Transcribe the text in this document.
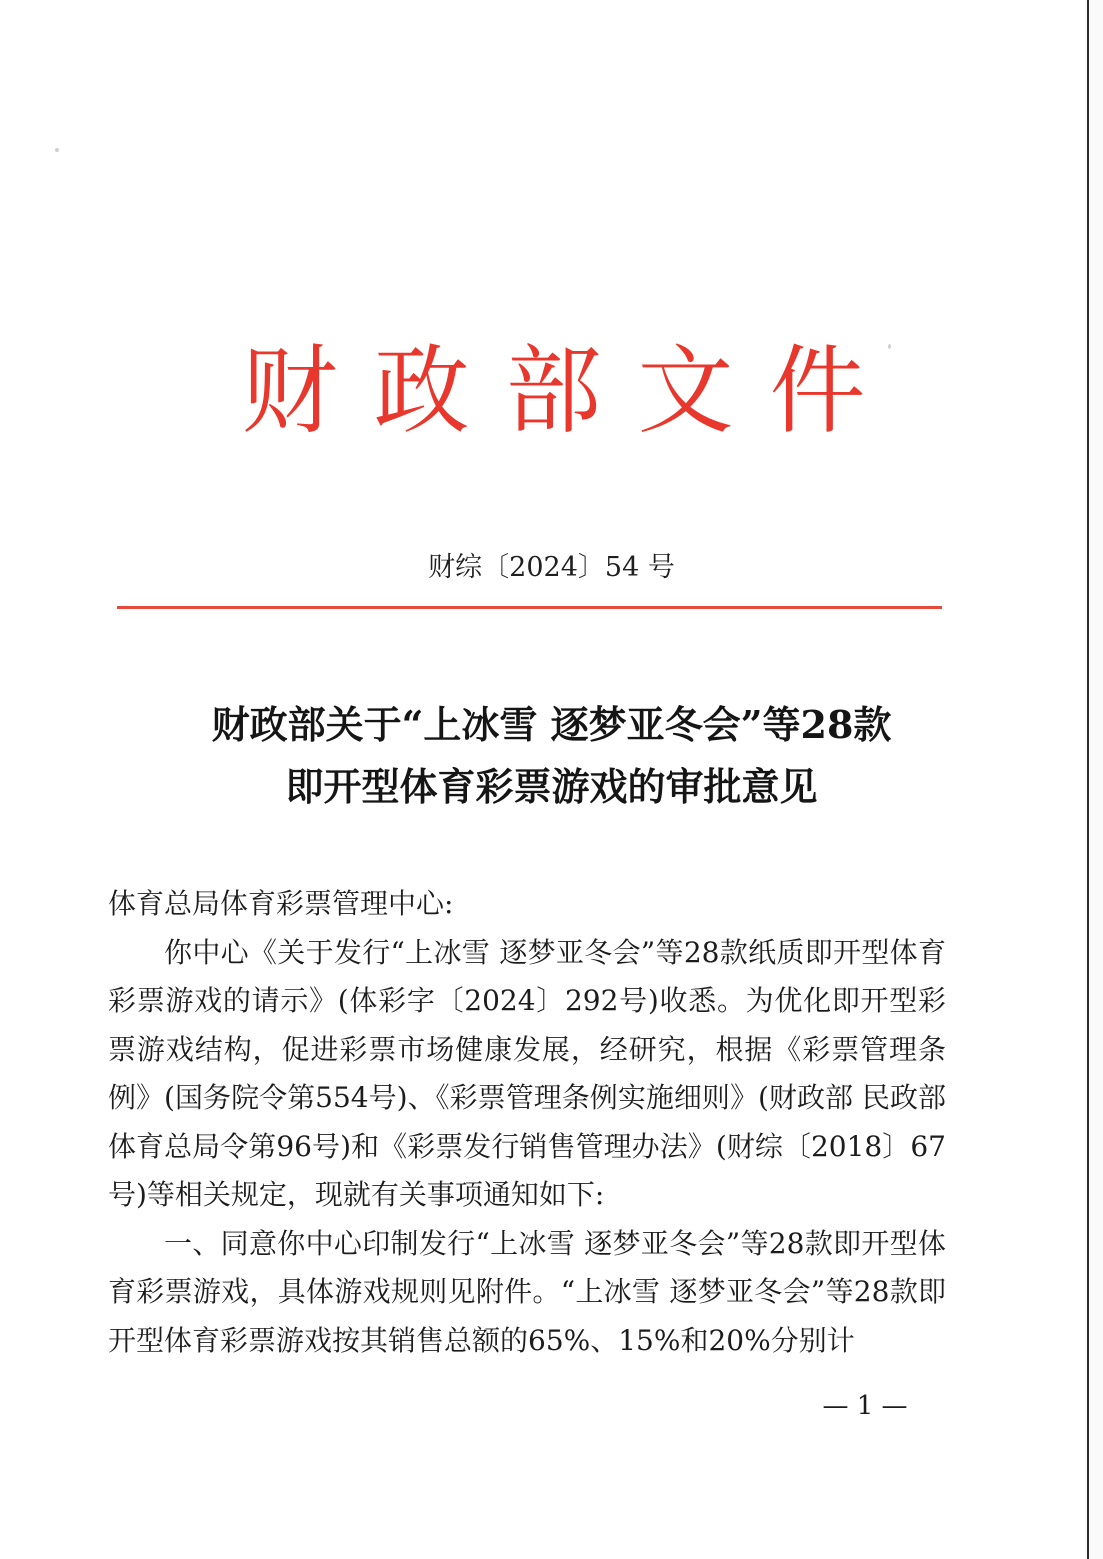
财政部文件
财综〔2024〕54 号
财政部关于“上冰雪 逐梦亚冬会”等28款
即开型体育彩票游戏的审批意见

体育总局体育彩票管理中心:

你中心《关于发行“上冰雪 逐梦亚冬会”等28款纸质即开型体育彩票游戏的请示》(体彩字〔2024〕292号)收悉。为优化即开型彩票游戏结构，促进彩票市场健康发展，经研究，根据《彩票管理条例》(国务院令第554号)、《彩票管理条例实施细则》(财政部 民政部 体育总局令第96号)和《彩票发行销售管理办法》(财综〔2018〕67号)等相关规定，现就有关事项通知如下:

一、同意你中心印制发行“上冰雪 逐梦亚冬会”等28款即开型体育彩票游戏，具体游戏规则见附件。“上冰雪 逐梦亚冬会”等28款即开型体育彩票游戏按其销售总额的65%、15%和20%分别计

— 1 —
